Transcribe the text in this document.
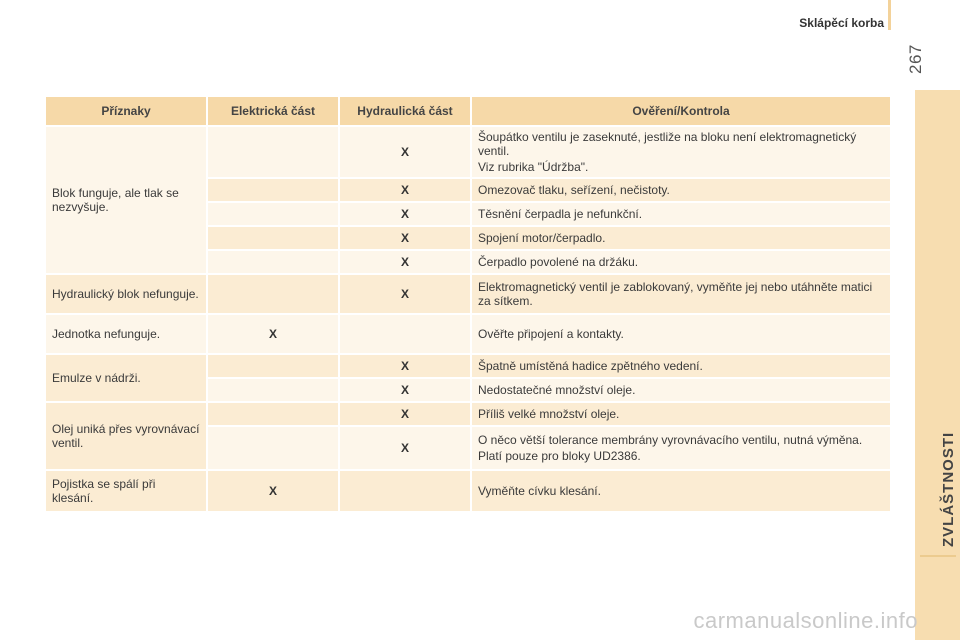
Sklápěcí korba
267
ZVLÁŠTNOSTI
Příznaky	Elektrická část	Hydraulická část	Ověření/Kontrola
Blok funguje, ale tlak se nezvyšuje.		X	Šoupátko ventilu je zaseknuté, jestliže na bloku není elektromagnetický ventil.
Viz rubrika "Údržba".

		X	Omezovač tlaku, seřízení, nečistoty.

		X	Těsnění čerpadla je nefunkční.

		X	Spojení motor/čerpadlo.

		X	Čerpadlo povolené na držáku.

Hydraulický blok nefunguje.		X	Elektromagnetický ventil je zablokovaný, vyměňte jej nebo utáhněte matici za sítkem.

Jednotka nefunguje.	X		Ověřte připojení a kontakty.

Emulze v nádrži.		X	Špatně umístěná hadice zpětného vedení.

		X	Nedostatečné množství oleje.

Olej uniká přes vyrovnávací ventil.		X	Příliš velké množství oleje.

		X	O něco větší tolerance membrány vyrovnávacího ventilu, nutná výměna.
Platí pouze pro bloky UD2386.

Pojistka se spálí při klesání.	X		Vyměňte cívku klesání.
carmanualsonline.info
